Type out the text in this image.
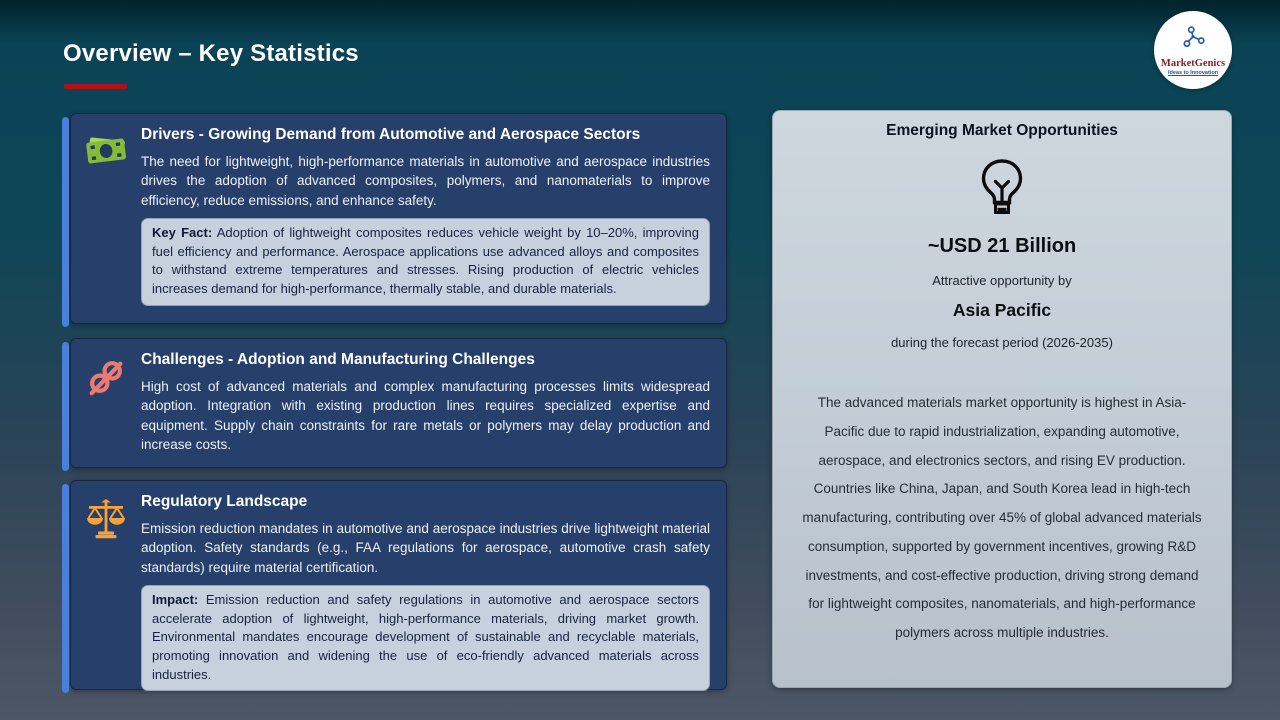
Overview – Key Statistics	MarketGenics
Ideas to Innovation
Drivers - Growing Demand from Automotive and Aerospace Sectors
The need for lightweight, high-performance materials in automotive and aerospace industries drives the adoption of advanced composites, polymers, and nanomaterials to improve efficiency, reduce emissions, and enhance safety.
Key Fact: Adoption of lightweight composites reduces vehicle weight by 10–20%, improving fuel efficiency and performance. Aerospace applications use advanced alloys and composites to withstand extreme temperatures and stresses. Rising production of electric vehicles increases demand for high-performance, thermally stable, and durable materials.
Challenges - Adoption and Manufacturing Challenges
High cost of advanced materials and complex manufacturing processes limits widespread adoption. Integration with existing production lines requires specialized expertise and equipment. Supply chain constraints for rare metals or polymers may delay production and increase costs.
Regulatory Landscape
Emission reduction mandates in automotive and aerospace industries drive lightweight material adoption. Safety standards (e.g., FAA regulations for aerospace, automotive crash safety standards) require material certification.
Impact: Emission reduction and safety regulations in automotive and aerospace sectors accelerate adoption of lightweight, high-performance materials, driving market growth. Environmental mandates encourage development of sustainable and recyclable materials, promoting innovation and widening the use of eco-friendly advanced materials across industries.
Emerging Market Opportunities
~USD 21 Billion
Attractive opportunity by
Asia Pacific
during the forecast period (2026-2035)
The advanced materials market opportunity is highest in Asia-Pacific due to rapid industrialization, expanding automotive, aerospace, and electronics sectors, and rising EV production. Countries like China, Japan, and South Korea lead in high-tech manufacturing, contributing over 45% of global advanced materials consumption, supported by government incentives, growing R&D investments, and cost-effective production, driving strong demand for lightweight composites, nanomaterials, and high-performance polymers across multiple industries.
